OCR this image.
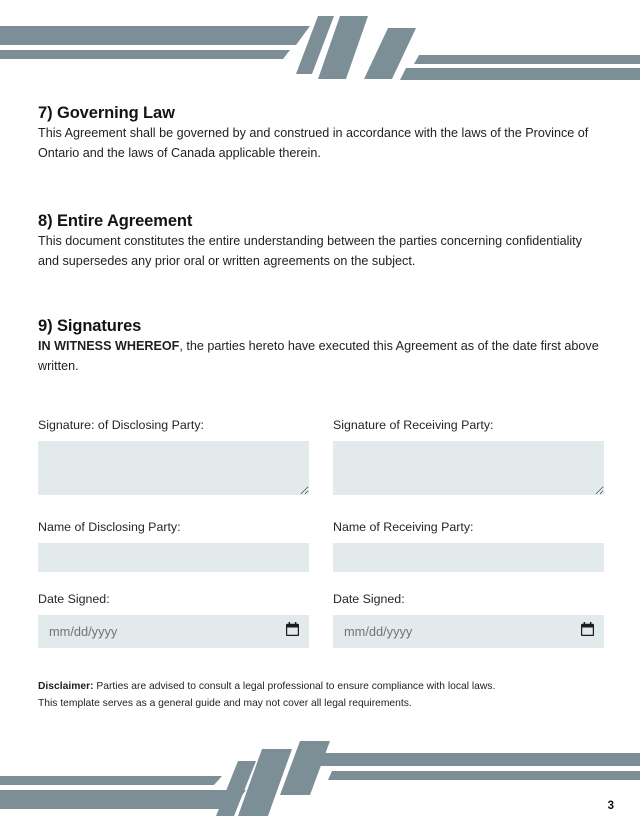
7) Governing Law

This Agreement shall be governed by and construed in accordance with the laws of the Province of Ontario and the laws of Canada applicable therein.

8) Entire Agreement

This document constitutes the entire understanding between the parties concerning confidentiality and supersedes any prior oral or written agreements on the subject.

9) Signatures

IN WITNESS WHEREOF, the parties hereto have executed this Agreement as of the date first above written.

Signature: of Disclosing Party:	Signature of Receiving Party:
Name of Disclosing Party:	Name of Receiving Party:
Date Signed:
mm/dd/yyyy
Date Signed:
mm/dd/yyyy
Disclaimer: Parties are advised to consult a legal professional to ensure compliance with local laws.
This template serves as a general guide and may not cover all legal requirements.
3
